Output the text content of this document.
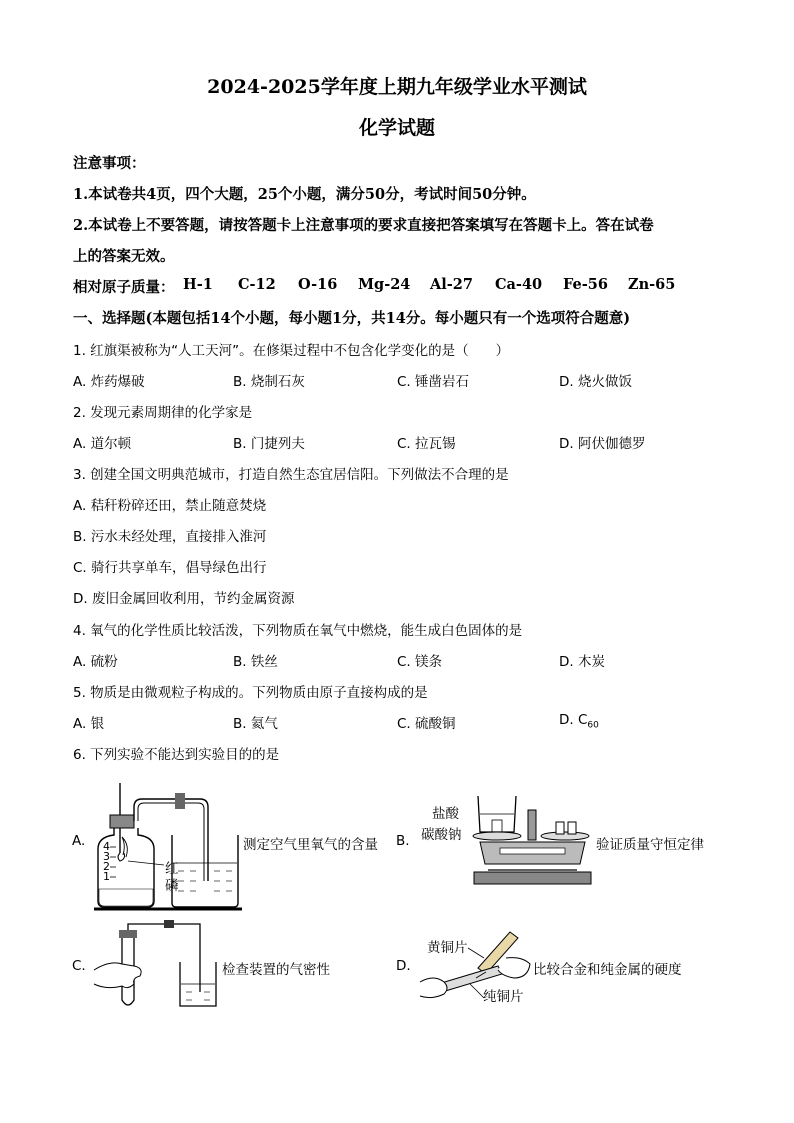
2024-2025学年度上期九年级学业水平测试
化学试题
注意事项：
1.本试卷共4页，四个大题，25个小题，满分50分，考试时间50分钟。
2.本试卷上不要答题，请按答题卡上注意事项的要求直接把答案填写在答题卡上。答在试卷
上的答案无效。
相对原子质量： H-1 C-12 O-16 Mg-24 Al-27 Ca-40 Fe-56 Zn-65
一、选择题(本题包括14个小题，每小题1分，共14分。每小题只有一个选项符合题意)
1. 红旗渠被称为“人工天河”。在修渠过程中不包含化学变化的是（　　）
A. 炸药爆破	B. 烧制石灰	C. 锤凿岩石	D. 烧火做饭
2. 发现元素周期律的化学家是
A. 道尔顿	B. 门捷列夫	C. 拉瓦锡	D. 阿伏伽德罗
3. 创建全国文明典范城市，打造自然生态宜居信阳。下列做法不合理的是
A. 秸秆粉碎还田，禁止随意焚烧
B. 污水未经处理，直接排入淮河
C. 骑行共享单车，倡导绿色出行
D. 废旧金属回收利用，节约金属资源
4. 氧气的化学性质比较活泼，下列物质在氧气中燃烧，能生成白色固体的是
A. 硫粉	B. 铁丝	C. 镁条	D. 木炭
5. 物质是由微观粒子构成的。下列物质由原子直接构成的是
A. 银	B. 氦气	C. 硫酸铜	D. $C_{60}$
6. 下列实验不能达到实验目的的是
A. 4
3
2
1	红
磷
测定空气里氧气的含量 B.
盐酸
碳酸钠
验证质量守恒定律
C.	检查装置的气密性	D.
黄铜片
纯铜片
比较合金和纯金属的硬度
